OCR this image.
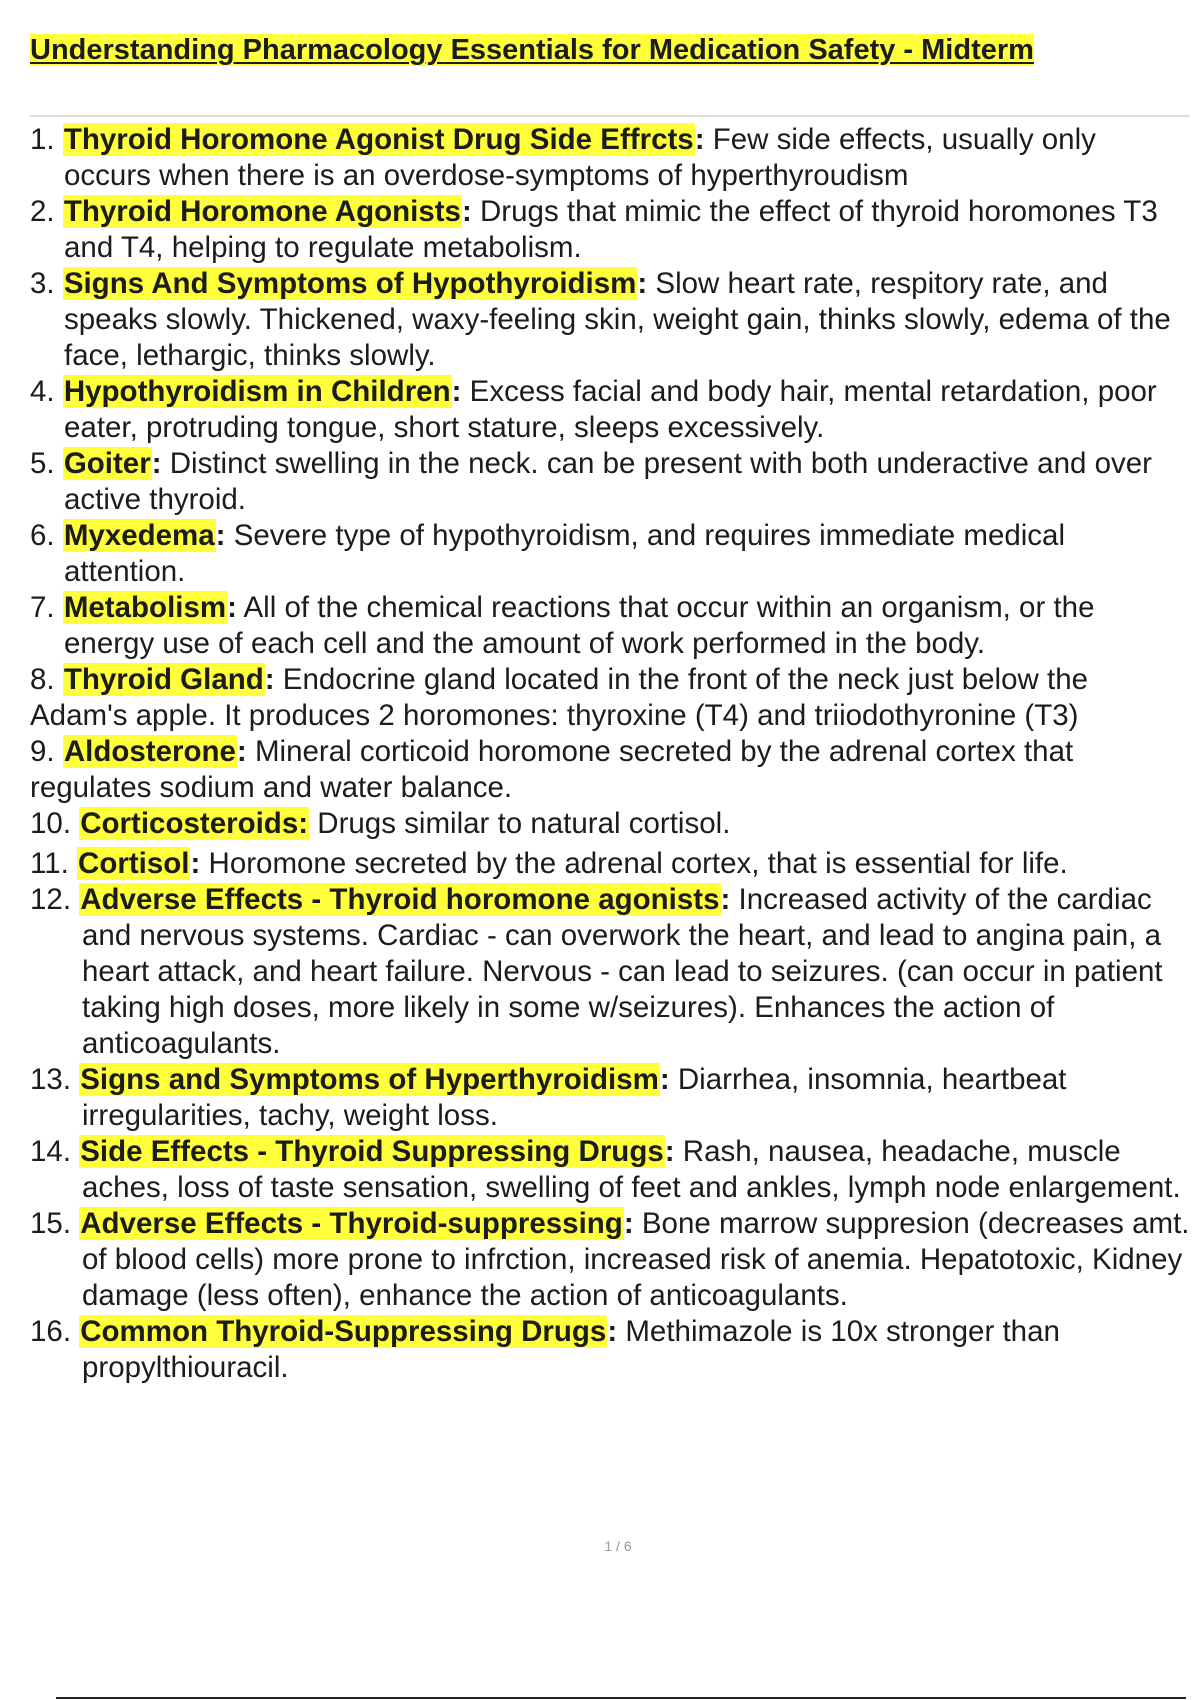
Understanding Pharmacology Essentials for Medication Safety - Midterm
1. Thyroid Horomone Agonist Drug Side Effrcts: Few side effects, usually only occurs when there is an overdose-symptoms of hyperthyroudism
2. Thyroid Horomone Agonists: Drugs that mimic the effect of thyroid horomones T3 and T4, helping to regulate metabolism.
3. Signs And Symptoms of Hypothyroidism: Slow heart rate, respitory rate, and speaks slowly. Thickened, waxy-feeling skin, weight gain, thinks slowly, edema of the face, lethargic, thinks slowly.
4. Hypothyroidism in Children: Excess facial and body hair, mental retardation, poor eater, protruding tongue, short stature, sleeps excessively.
5. Goiter: Distinct swelling in the neck. can be present with both underactive and over active thyroid.
6. Myxedema: Severe type of hypothyroidism, and requires immediate medical attention.
7. Metabolism: All of the chemical reactions that occur within an organism, or the energy use of each cell and the amount of work performed in the body.
8. Thyroid Gland: Endocrine gland located in the front of the neck just below the Adam's apple. It produces 2 horomones: thyroxine (T4) and triiodothyronine (T3)
9. Aldosterone: Mineral corticoid horomone secreted by the adrenal cortex that regulates sodium and water balance.
10. Corticosteroids: Drugs similar to natural cortisol.
11. Cortisol: Horomone secreted by the adrenal cortex, that is essential for life.
12. Adverse Effects - Thyroid horomone agonists: Increased activity of the cardiac and nervous systems. Cardiac - can overwork the heart, and lead to angina pain, a heart attack, and heart failure. Nervous - can lead to seizures. (can occur in patient taking high doses, more likely in some w/seizures). Enhances the action of anticoagulants.
13. Signs and Symptoms of Hyperthyroidism: Diarrhea, insomnia, heartbeat irregularities, tachy, weight loss.
14. Side Effects - Thyroid Suppressing Drugs: Rash, nausea, headache, muscle aches, loss of taste sensation, swelling of feet and ankles, lymph node enlargement.
15. Adverse Effects - Thyroid-suppressing: Bone marrow suppresion (decreases amt. of blood cells) more prone to infrction, increased risk of anemia. Hepatotoxic, Kidney damage (less often), enhance the action of anticoagulants.
16. Common Thyroid-Suppressing Drugs: Methimazole is 10x stronger than propylthiouracil.
1 / 6
